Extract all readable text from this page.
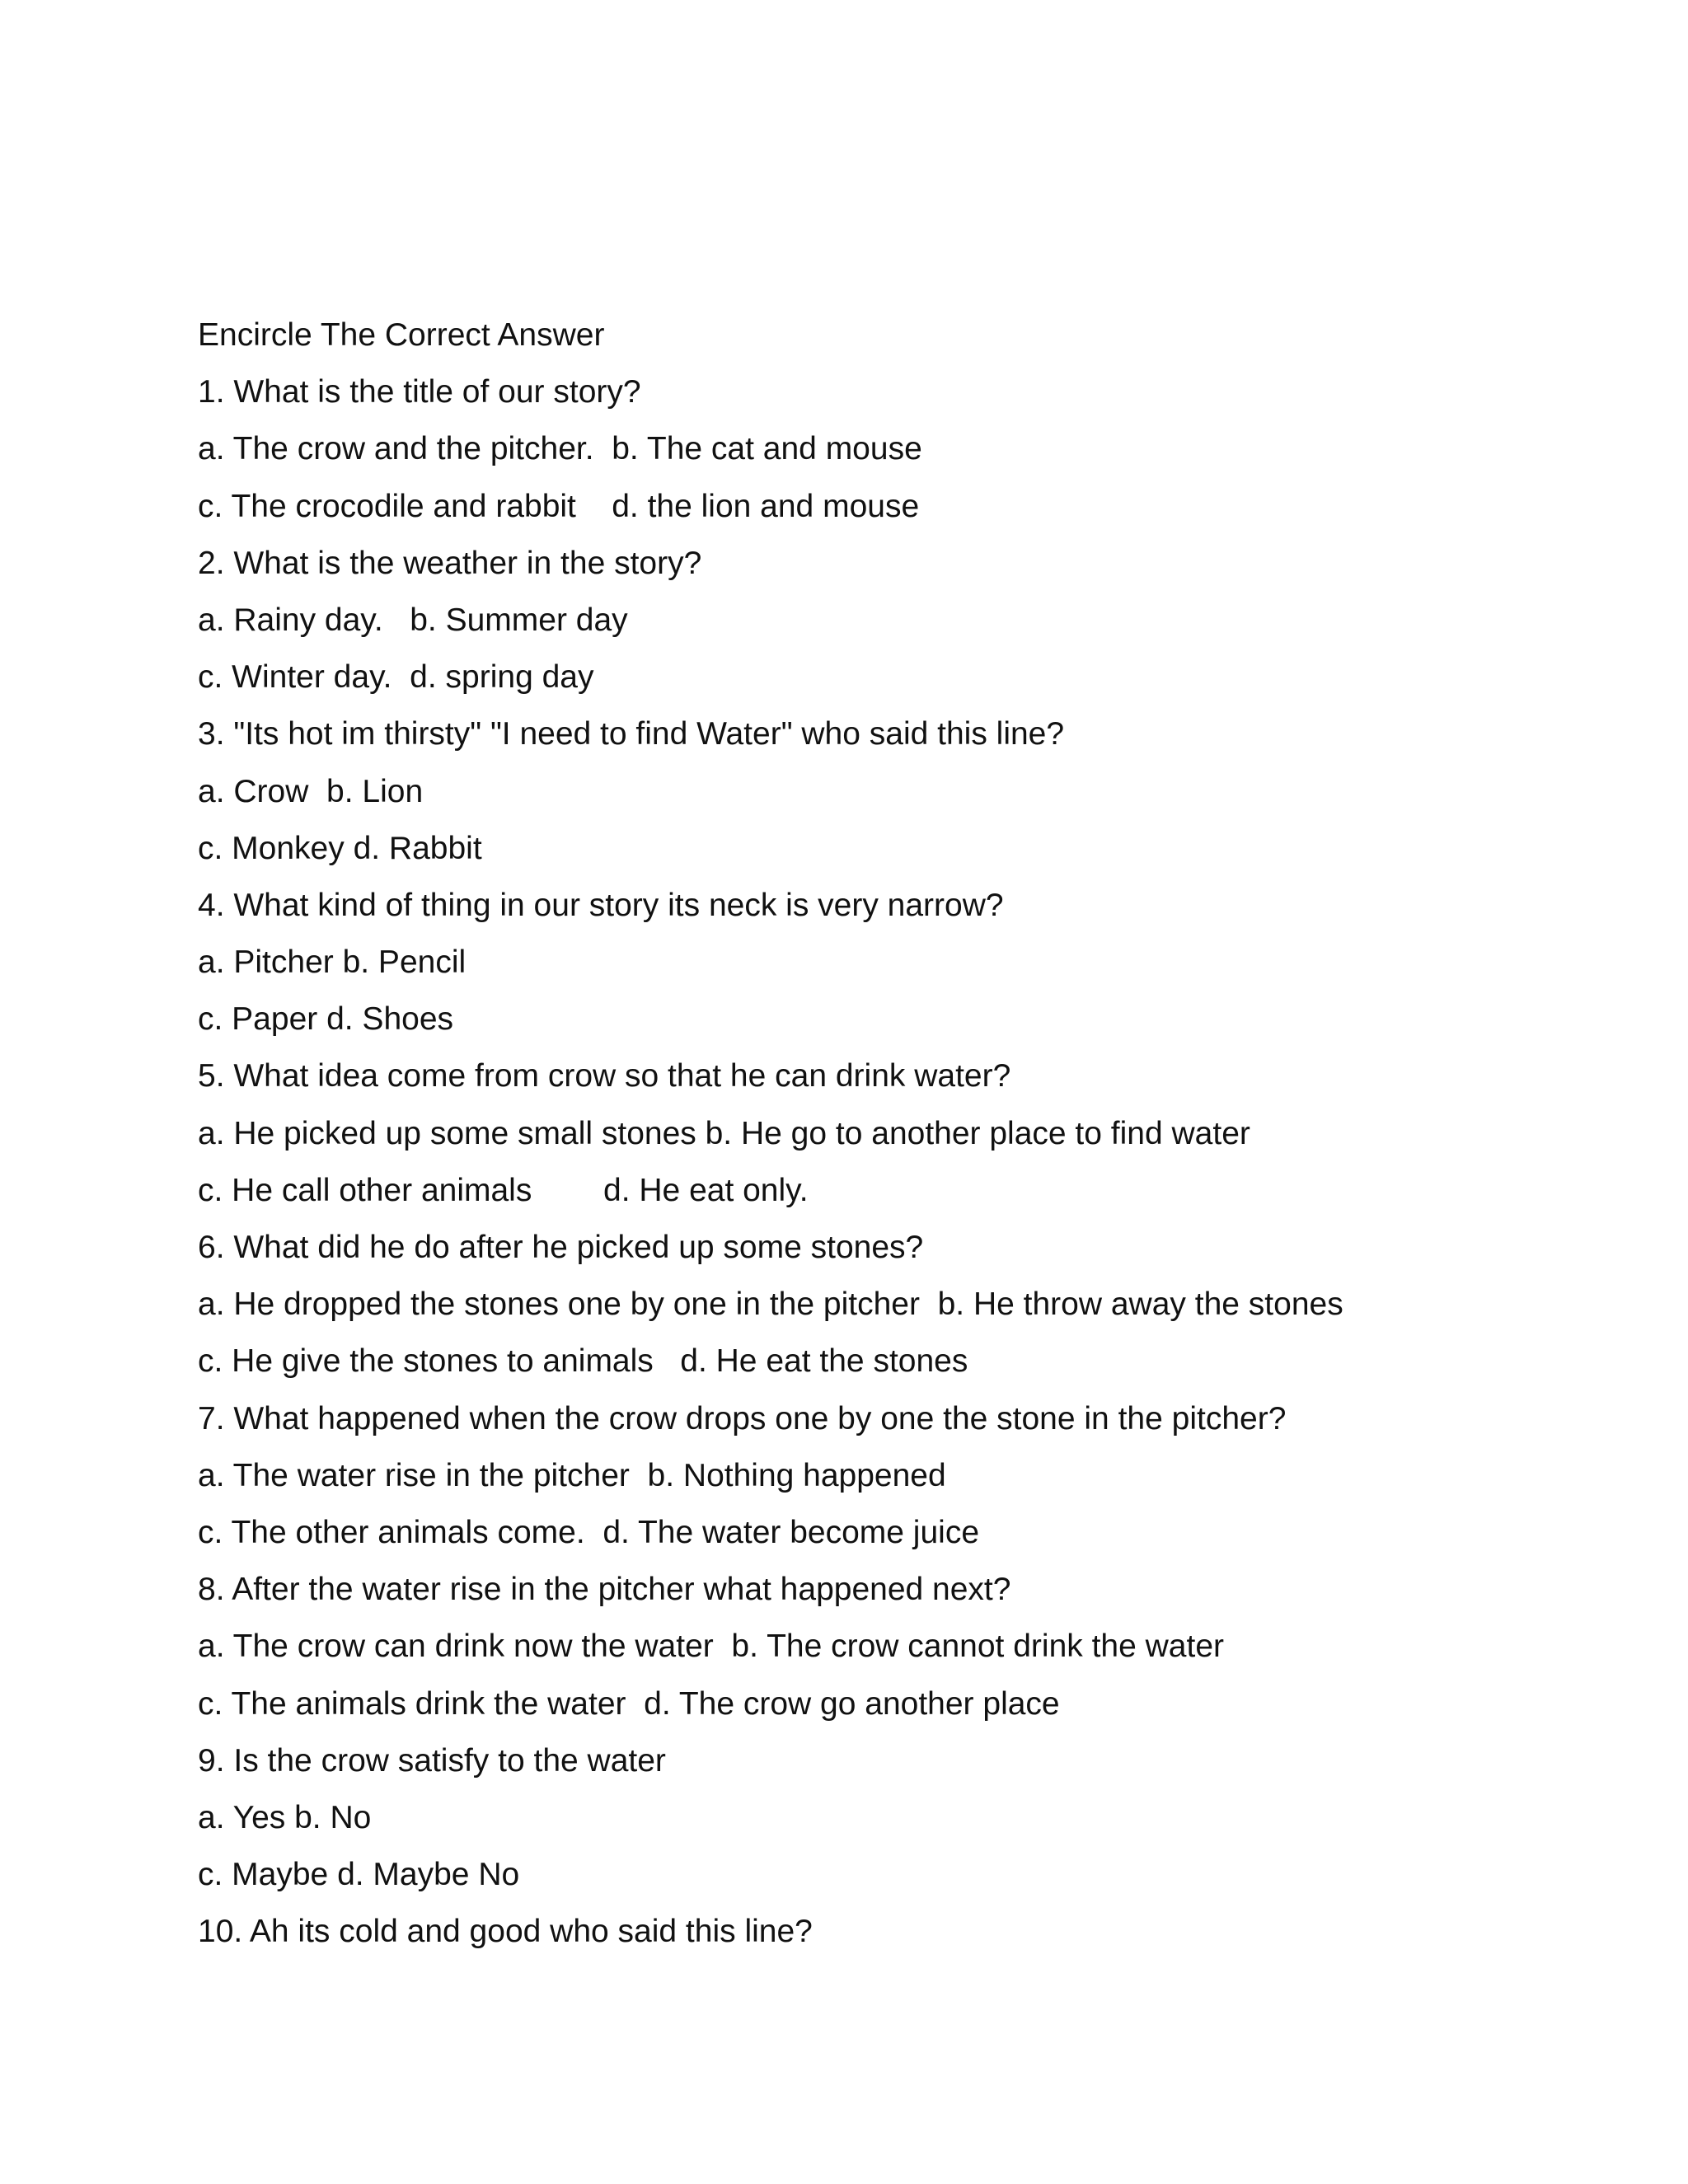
Encircle The Correct Answer
1. What is the title of our story?
a. The crow and the pitcher.  b. The cat and mouse
c. The crocodile and rabbit    d. the lion and mouse
2. What is the weather in the story?
a. Rainy day.   b. Summer day
c. Winter day.  d. spring day
3. "Its hot im thirsty" "I need to find Water" who said this line?
a. Crow  b. Lion
c. Monkey d. Rabbit
4. What kind of thing in our story its neck is very narrow?
a. Pitcher b. Pencil
c. Paper d. Shoes
5. What idea come from crow so that he can drink water?
a. He picked up some small stones b. He go to another place to find water
c. He call other animals        d. He eat only.
6. What did he do after he picked up some stones?
a. He dropped the stones one by one in the pitcher  b. He throw away the stones
c. He give the stones to animals   d. He eat the stones
7. What happened when the crow drops one by one the stone in the pitcher?
a. The water rise in the pitcher  b. Nothing happened
c. The other animals come.  d. The water become juice
8. After the water rise in the pitcher what happened next?
a. The crow can drink now the water  b. The crow cannot drink the water
c. The animals drink the water  d. The crow go another place
9. Is the crow satisfy to the water
a. Yes b. No
c. Maybe d. Maybe No
10. Ah its cold and good who said this line?
